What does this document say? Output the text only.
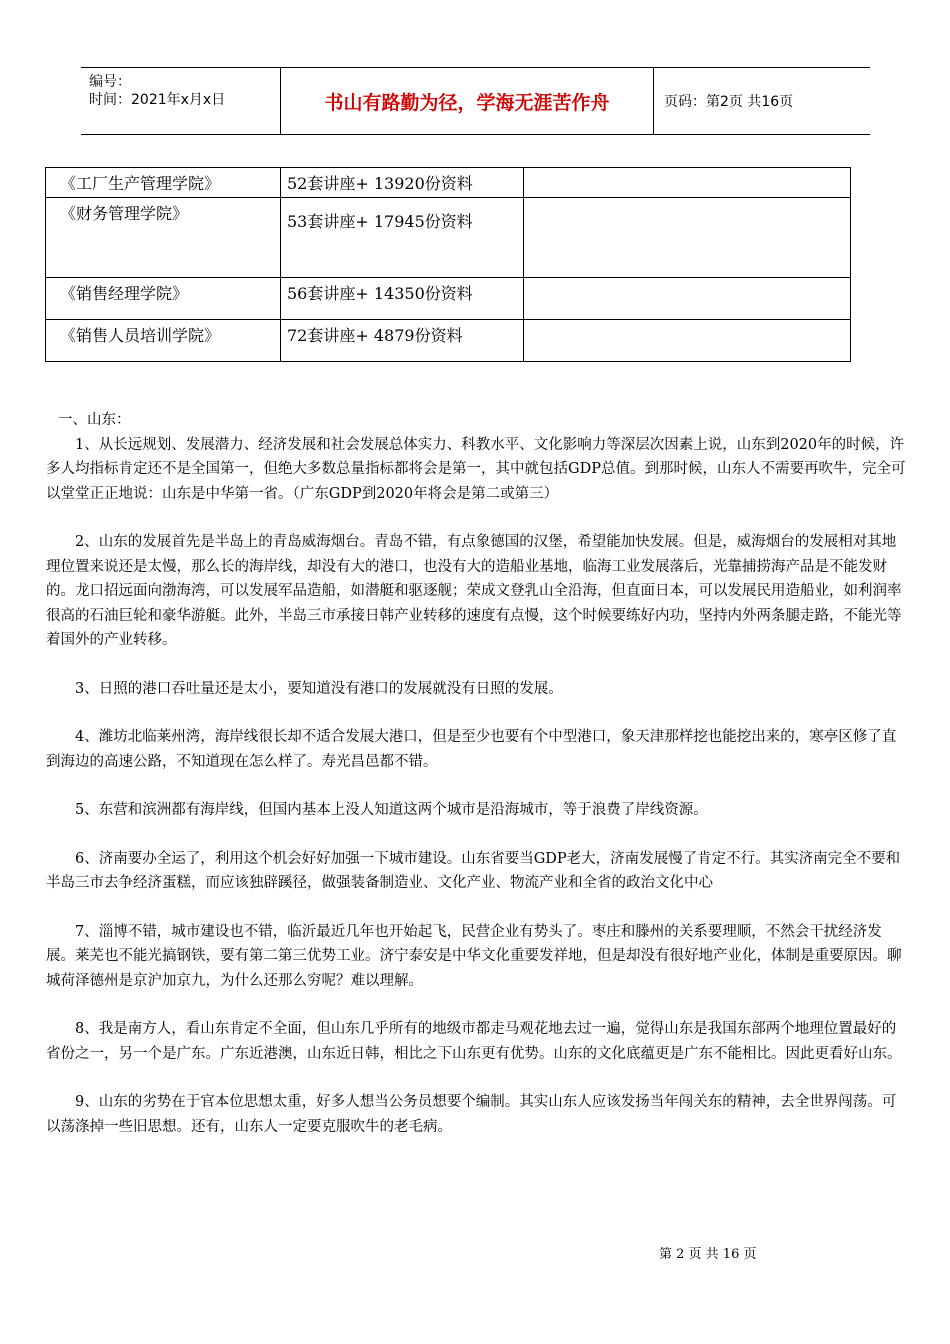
编号：
时间：2021年x月x日	书山有路勤为径，学海无涯苦作舟	页码：第2页 共16页
《工厂生产管理学院》	52套讲座+ 13920份资料	
《财务管理学院》	53套讲座+ 17945份资料	
《销售经理学院》	56套讲座+ 14350份资料	
《销售人员培训学院》	72套讲座+ 4879份资料	

一、山东：

1、从长远规划、发展潜力、经济发展和社会发展总体实力、科教水平、文化影响力等深层次因素上说，山东到2020年的时候，许多人均指标肯定还不是全国第一，但绝大多数总量指标都将会是第一，其中就包括GDP总值。到那时候，山东人不需要再吹牛，完全可以堂堂正正地说：山东是中华第一省。（广东GDP到2020年将会是第二或第三）

2、山东的发展首先是半岛上的青岛威海烟台。青岛不错，有点象德国的汉堡，希望能加快发展。但是，威海烟台的发展相对其地理位置来说还是太慢，那么长的海岸线，却没有大的港口，也没有大的造船业基地，临海工业发展落后，光靠捕捞海产品是不能发财的。龙口招远面向渤海湾，可以发展军品造船，如潜艇和驱逐舰；荣成文登乳山全沿海，但直面日本，可以发展民用造船业，如利润率很高的石油巨轮和豪华游艇。此外，半岛三市承接日韩产业转移的速度有点慢，这个时候要练好内功，坚持内外两条腿走路，不能光等着国外的产业转移。

3、日照的港口吞吐量还是太小，要知道没有港口的发展就没有日照的发展。

4、潍坊北临莱州湾，海岸线很长却不适合发展大港口，但是至少也要有个中型港口，象天津那样挖也能挖出来的，寒亭区修了直到海边的高速公路，不知道现在怎么样了。寿光昌邑都不错。

5、东营和滨洲都有海岸线，但国内基本上没人知道这两个城市是沿海城市，等于浪费了岸线资源。

6、济南要办全运了，利用这个机会好好加强一下城市建设。山东省要当GDP老大，济南发展慢了肯定不行。其实济南完全不要和半岛三市去争经济蛋糕，而应该独辟蹊径，做强装备制造业、文化产业、物流产业和全省的政治文化中心

7、淄博不错，城市建设也不错，临沂最近几年也开始起飞，民营企业有势头了。枣庄和滕州的关系要理顺，不然会干扰经济发展。莱芜也不能光搞钢铁，要有第二第三优势工业。济宁泰安是中华文化重要发祥地，但是却没有很好地产业化，体制是重要原因。聊城荷泽德州是京沪加京九，为什么还那么穷呢？难以理解。

8、我是南方人，看山东肯定不全面，但山东几乎所有的地级市都走马观花地去过一遍，觉得山东是我国东部两个地理位置最好的省份之一，另一个是广东。广东近港澳，山东近日韩，相比之下山东更有优势。山东的文化底蕴更是广东不能相比。因此更看好山东。

9、山东的劣势在于官本位思想太重，好多人想当公务员想要个编制。其实山东人应该发扬当年闯关东的精神，去全世界闯荡。可以荡涤掉一些旧思想。还有，山东人一定要克服吹牛的老毛病。

第 2 页 共 16 页
